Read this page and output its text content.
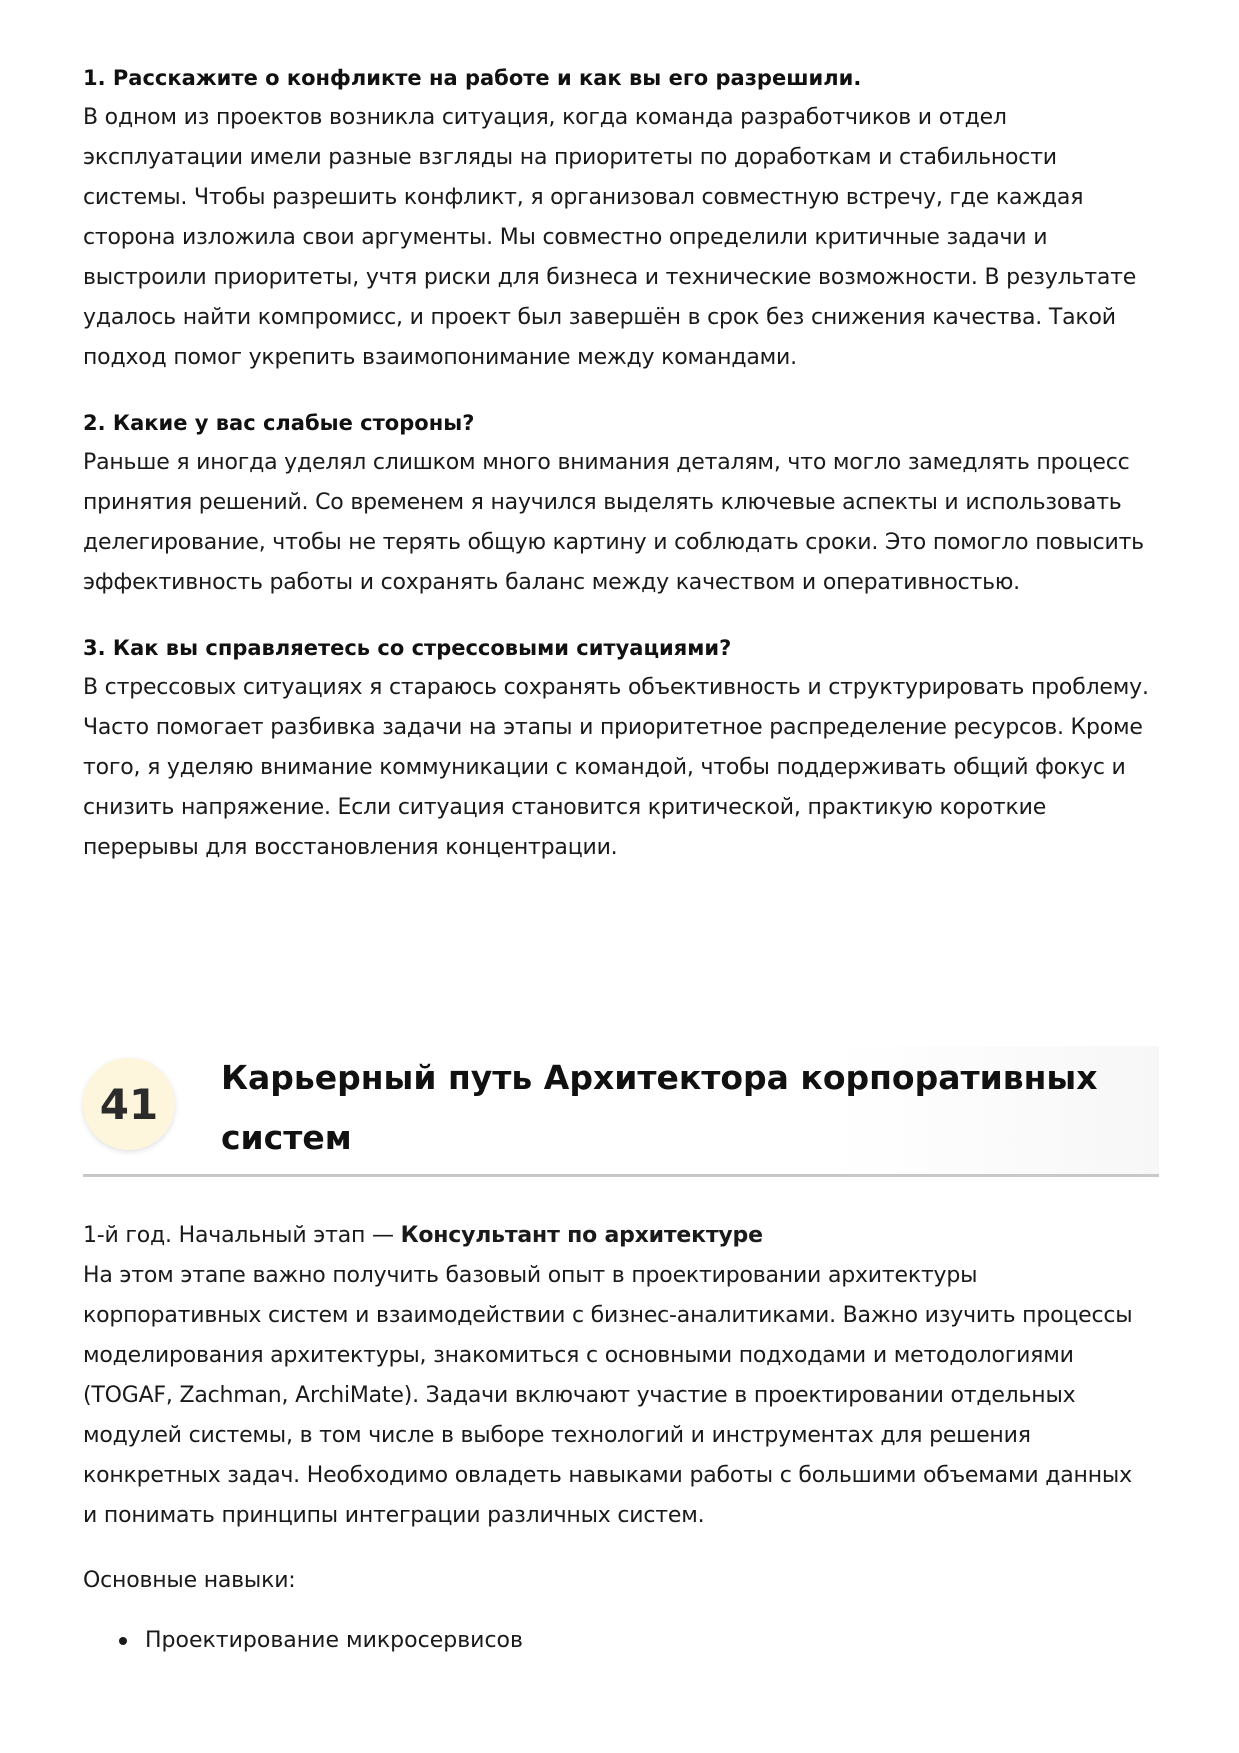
1. Расскажите о конфликте на работе и как вы его разрешили.

В одном из проектов возникла ситуация, когда команда разработчиков и отдел

эксплуатации имели разные взгляды на приоритеты по доработкам и стабильности

системы. Чтобы разрешить конфликт, я организовал совместную встречу, где каждая

сторона изложила свои аргументы. Мы совместно определили критичные задачи и

выстроили приоритеты, учтя риски для бизнеса и технические возможности. В результате

удалось найти компромисс, и проект был завершён в срок без снижения качества. Такой

подход помог укрепить взаимопонимание между командами.

2. Какие у вас слабые стороны?

Раньше я иногда уделял слишком много внимания деталям, что могло замедлять процесс

принятия решений. Со временем я научился выделять ключевые аспекты и использовать

делегирование, чтобы не терять общую картину и соблюдать сроки. Это помогло повысить

эффективность работы и сохранять баланс между качеством и оперативностью.

3. Как вы справляетесь со стрессовыми ситуациями?

В стрессовых ситуациях я стараюсь сохранять объективность и структурировать проблему.

Часто помогает разбивка задачи на этапы и приоритетное распределение ресурсов. Кроме

того, я уделяю внимание коммуникации с командой, чтобы поддерживать общий фокус и

снизить напряжение. Если ситуация становится критической, практикую короткие

перерывы для восстановления концентрации.

41
Карьерный путь Архитектора корпоративных
систем

1-й год. Начальный этап — Консультант по архитектуре

На этом этапе важно получить базовый опыт в проектировании архитектуры

корпоративных систем и взаимодействии с бизнес-аналитиками. Важно изучить процессы

моделирования архитектуры, знакомиться с основными подходами и методологиями

(TOGAF, Zachman, ArchiMate). Задачи включают участие в проектировании отдельных

модулей системы, в том числе в выборе технологий и инструментах для решения

конкретных задач. Необходимо овладеть навыками работы с большими объемами данных

и понимать принципы интеграции различных систем.

Основные навыки:

Проектирование микросервисов
